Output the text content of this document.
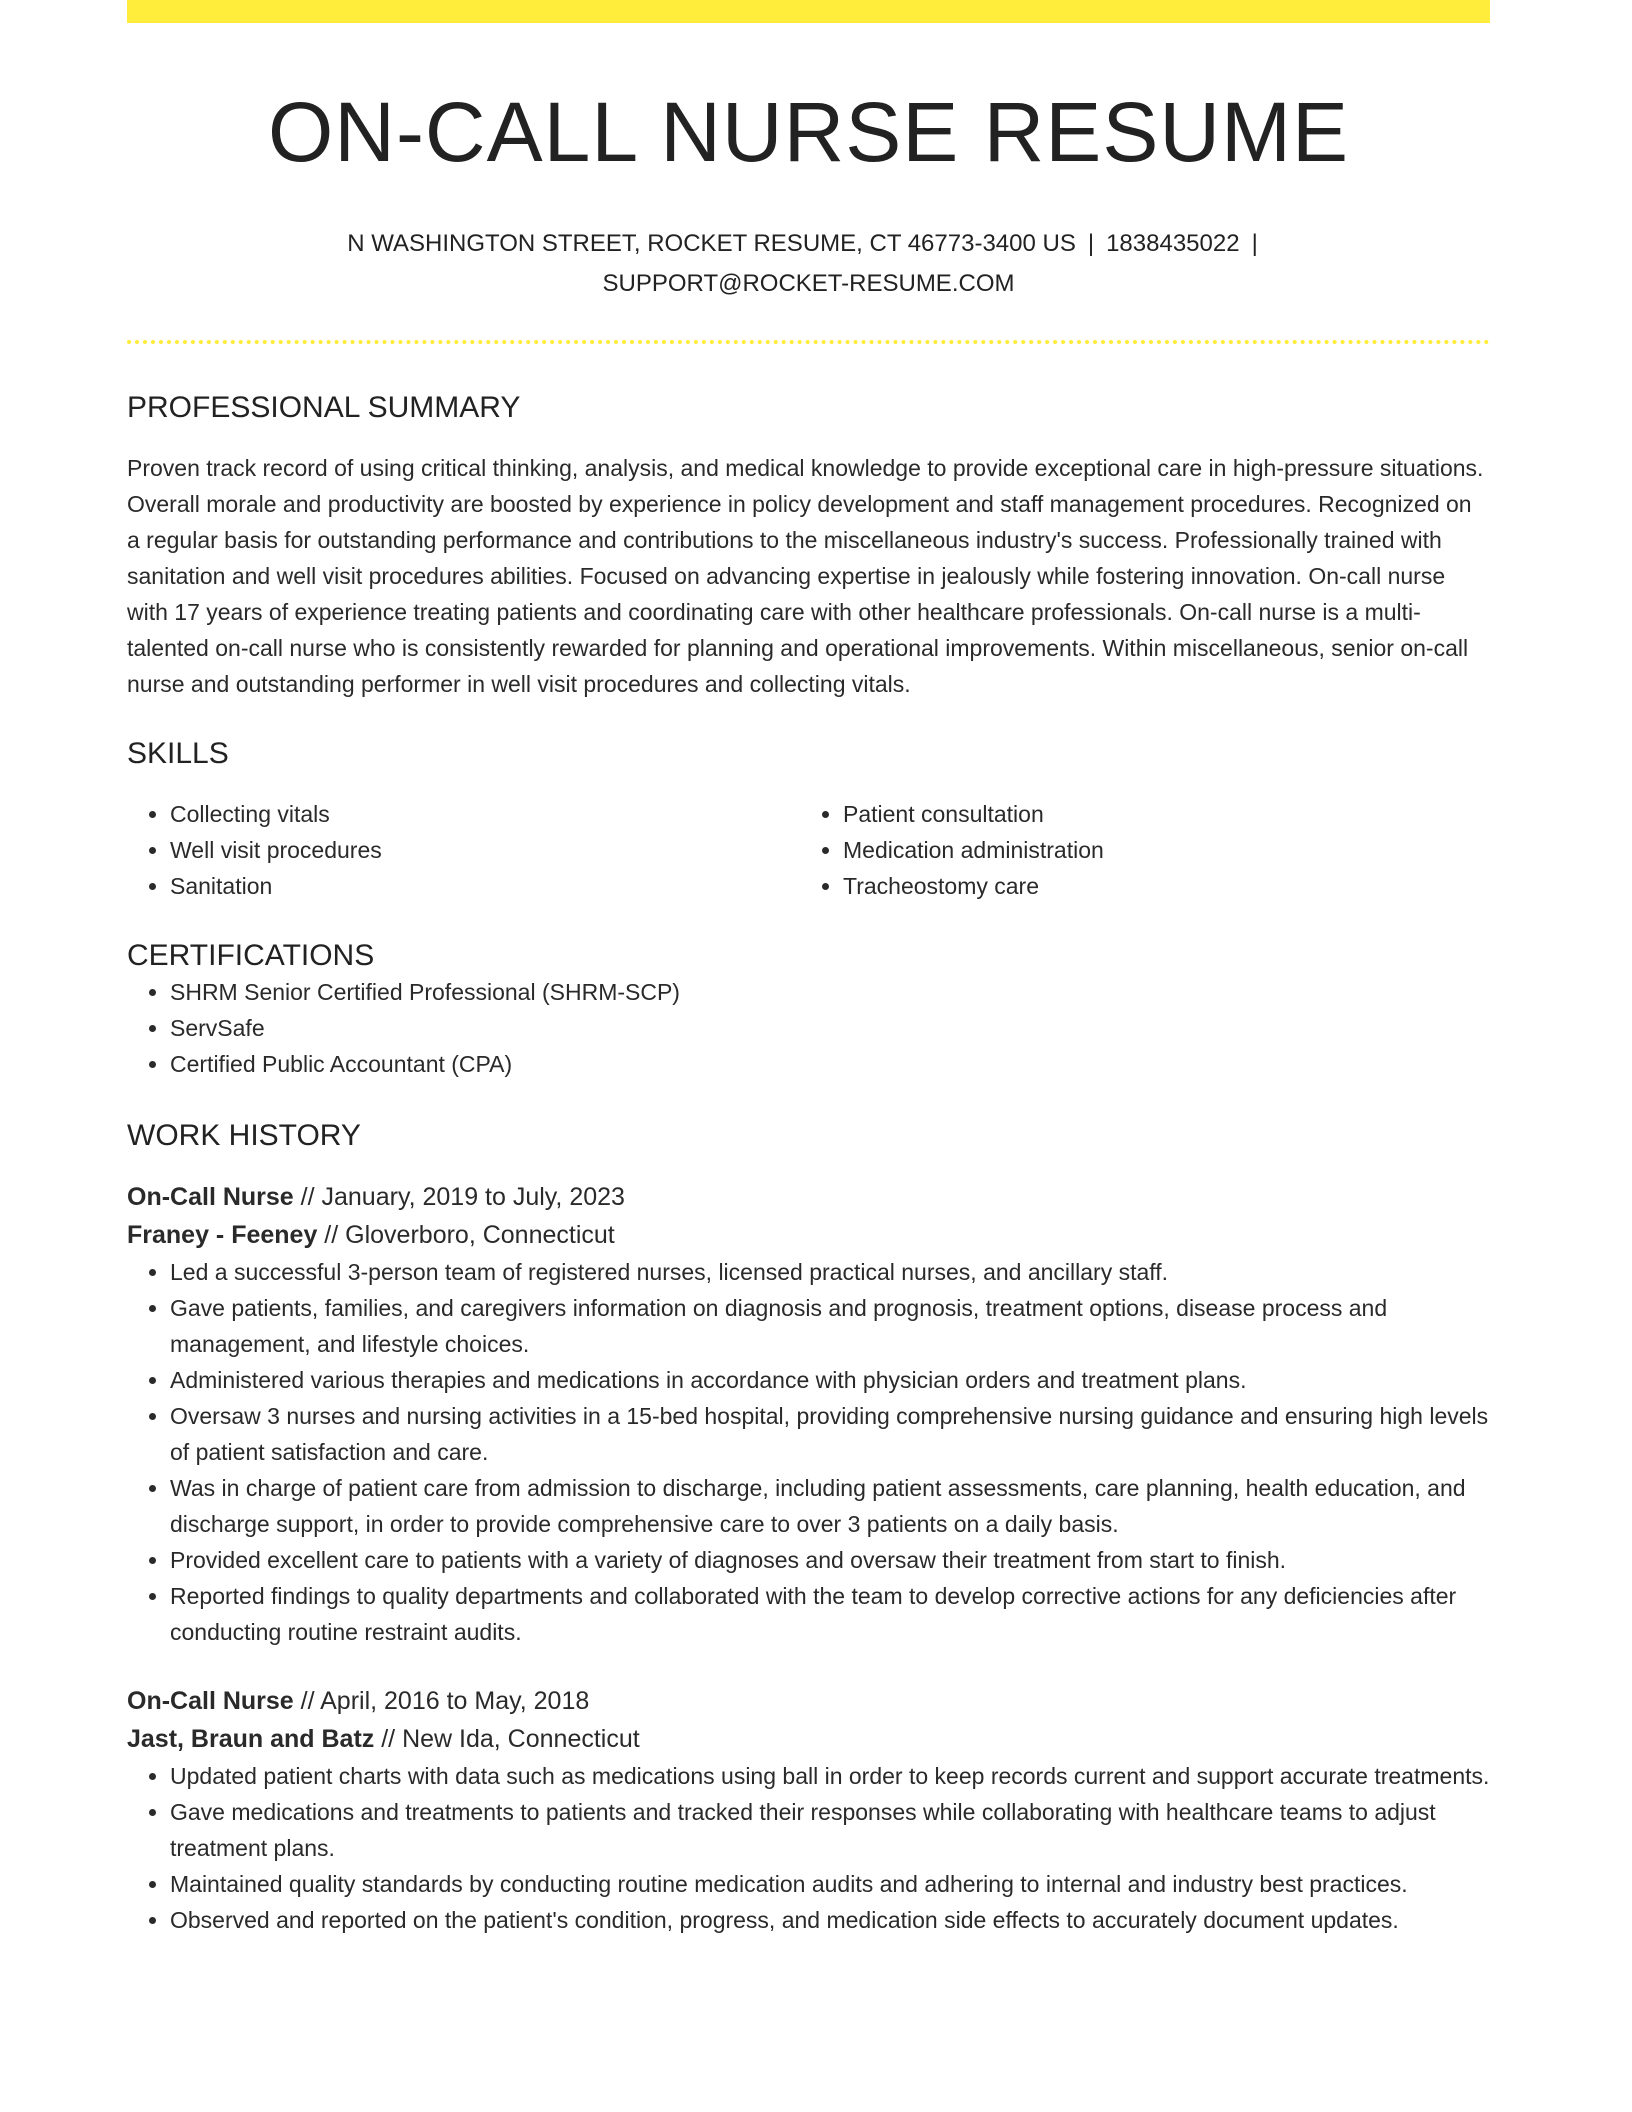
ON-CALL NURSE RESUME
N WASHINGTON STREET, ROCKET RESUME, CT 46773-3400 US | 1838435022 |
SUPPORT@ROCKET-RESUME.COM
PROFESSIONAL SUMMARY
Proven track record of using critical thinking, analysis, and medical knowledge to provide exceptional care in high-pressure situations. Overall morale and productivity are boosted by experience in policy development and staff management procedures. Recognized on a regular basis for outstanding performance and contributions to the miscellaneous industry's success. Professionally trained with sanitation and well visit procedures abilities. Focused on advancing expertise in jealously while fostering innovation. On-call nurse with 17 years of experience treating patients and coordinating care with other healthcare professionals. On-call nurse is a multi-talented on-call nurse who is consistently rewarded for planning and operational improvements. Within miscellaneous, senior on-call nurse and outstanding performer in well visit procedures and collecting vitals.
SKILLS
• Collecting vitals
• Well visit procedures
• Sanitation
• Patient consultation
• Medication administration
• Tracheostomy care
CERTIFICATIONS
• SHRM Senior Certified Professional (SHRM-SCP)
• ServSafe
• Certified Public Accountant (CPA)
WORK HISTORY
On-Call Nurse // January, 2019 to July, 2023
Franey - Feeney // Gloverboro, Connecticut
• Led a successful 3-person team of registered nurses, licensed practical nurses, and ancillary staff.
• Gave patients, families, and caregivers information on diagnosis and prognosis, treatment options, disease process and management, and lifestyle choices.
• Administered various therapies and medications in accordance with physician orders and treatment plans.
• Oversaw 3 nurses and nursing activities in a 15-bed hospital, providing comprehensive nursing guidance and ensuring high levels of patient satisfaction and care.
• Was in charge of patient care from admission to discharge, including patient assessments, care planning, health education, and discharge support, in order to provide comprehensive care to over 3 patients on a daily basis.
• Provided excellent care to patients with a variety of diagnoses and oversaw their treatment from start to finish.
• Reported findings to quality departments and collaborated with the team to develop corrective actions for any deficiencies after conducting routine restraint audits.
On-Call Nurse // April, 2016 to May, 2018
Jast, Braun and Batz // New Ida, Connecticut
• Updated patient charts with data such as medications using ball in order to keep records current and support accurate treatments.
• Gave medications and treatments to patients and tracked their responses while collaborating with healthcare teams to adjust treatment plans.
• Maintained quality standards by conducting routine medication audits and adhering to internal and industry best practices.
• Observed and reported on the patient's condition, progress, and medication side effects to accurately document updates.
